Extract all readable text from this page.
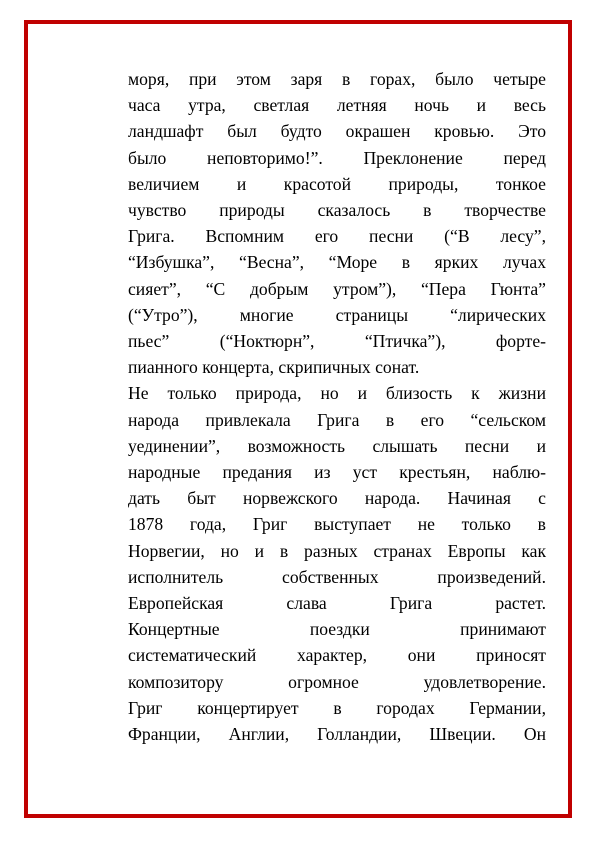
моря, при этом заря в горах, было четыре
часа утра, светлая летняя ночь и весь
ландшафт был будто окрашен кровью. Это
было неповторимо!”. Преклонение перед
величием и красотой природы, тонкое
чувство природы сказалось в творчестве
Грига. Вспомним его песни (“В лесу”,
“Избушка”, “Весна”, “Море в ярких лучах
сияет”, “С добрым утром”), “Пера Гюнта”
(“Утро”), многие страницы “лирических
пьес” (“Ноктюрн”, “Птичка”), форте-
пианного концерта, скрипичных сонат.
Не только природа, но и близость к жизни
народа привлекала Грига в его “сельском
уединении”, возможность слышать песни и
народные предания из уст крестьян, наблю-
дать быт норвежского народа. Начиная с
1878 года, Григ выступает не только в
Норвегии, но и в разных странах Европы как
исполнитель собственных произведений.
Европейская слава Грига растет.
Концертные поездки принимают
систематический характер, они приносят
композитору огромное удовлетворение.
Григ концертирует в городах Германии,
Франции, Англии, Голландии, Швеции. Он
